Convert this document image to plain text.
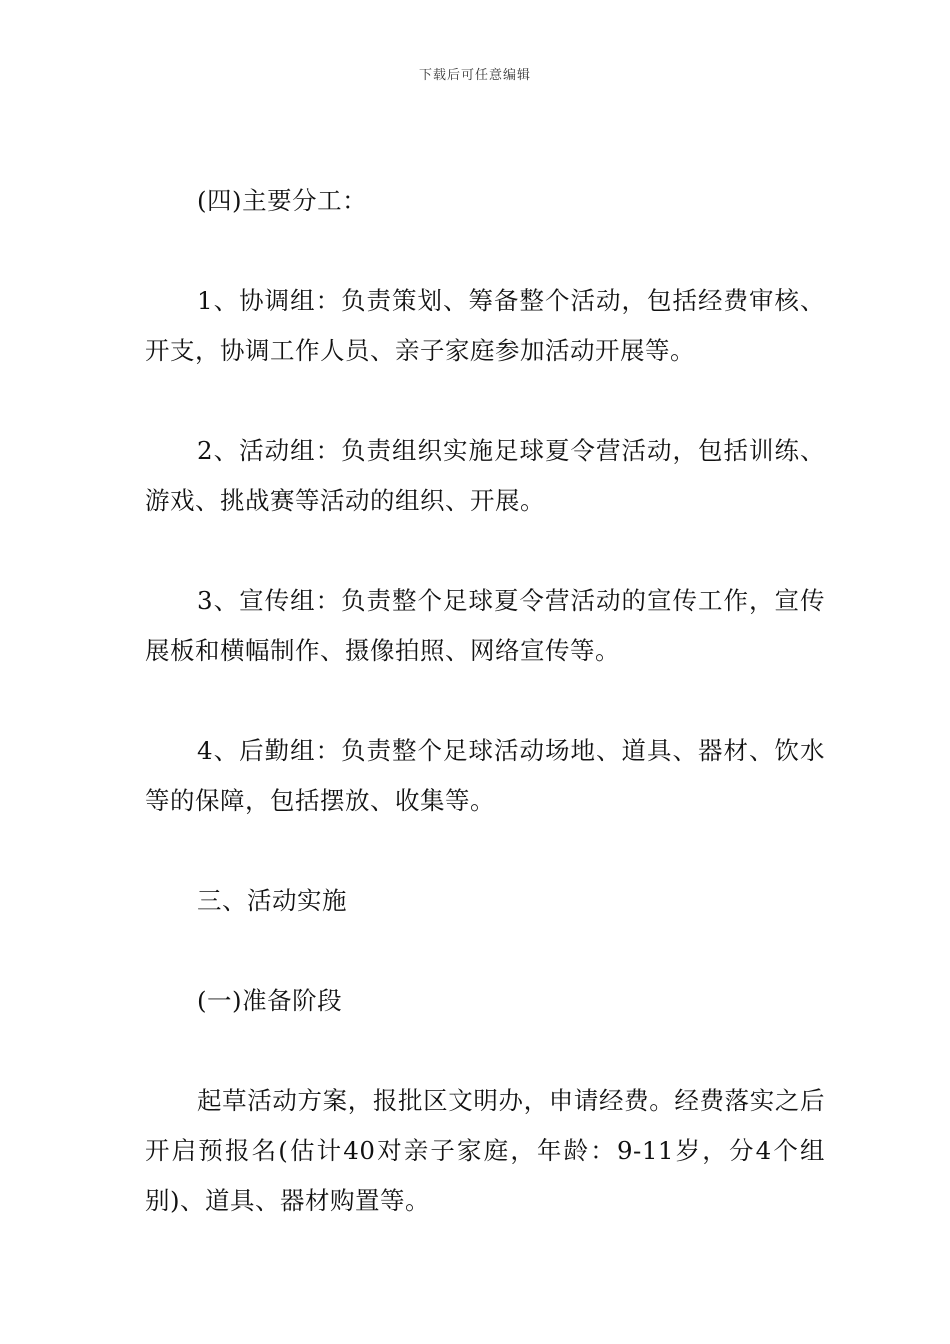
下载后可任意编辑

(四)主要分工：

1、协调组：负责策划、筹备整个活动，包括经费审核、开支，协调工作人员、亲子家庭参加活动开展等。

2、活动组：负责组织实施足球夏令营活动，包括训练、游戏、挑战赛等活动的组织、开展。

3、宣传组：负责整个足球夏令营活动的宣传工作，宣传展板和横幅制作、摄像拍照、网络宣传等。

4、后勤组：负责整个足球活动场地、道具、器材、饮水等的保障，包括摆放、收集等。

三、活动实施

(一)准备阶段

起草活动方案，报批区文明办，申请经费。经费落实之后开启预报名(估计40对亲子家庭，年龄：9-11岁，分4个组别)、道具、器材购置等。
